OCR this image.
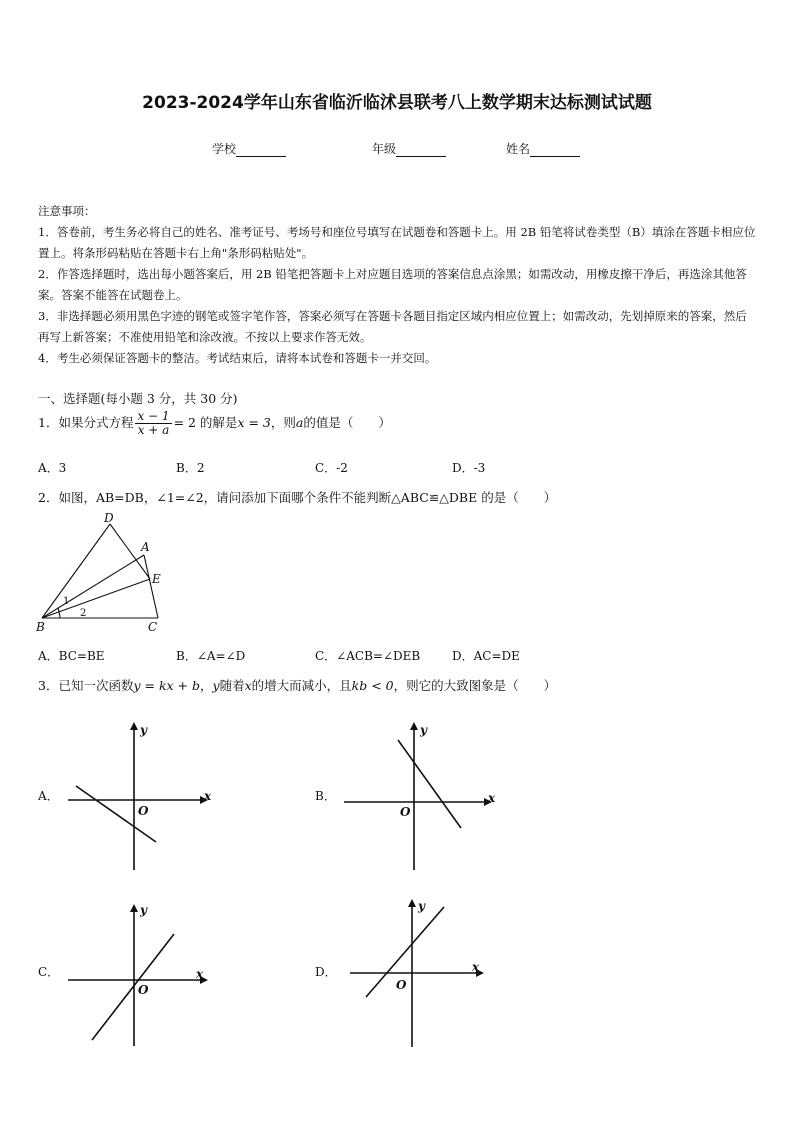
2023-2024学年山东省临沂临沭县联考八上数学期末达标测试试题
学校	年级	姓名

注意事项：

1．答卷前，考生务必将自己的姓名、准考证号、考场号和座位号填写在试题卷和答题卡上。用 2B 铅笔将试卷类型（B）填涂在答题卡相应位置上。将条形码粘贴在答题卡右上角"条形码粘贴处"。

2．作答选择题时，选出每小题答案后，用 2B 铅笔把答题卡上对应题目选项的答案信息点涂黑；如需改动，用橡皮擦干净后，再选涂其他答案。答案不能答在试题卷上。

3．非选择题必须用黑色字迹的钢笔或签字笔作答，答案必须写在答题卡各题目指定区域内相应位置上；如需改动，先划掉原来的答案，然后再写上新答案；不准使用铅笔和涂改液。不按以上要求作答无效。

4．考生必须保证答题卡的整洁。考试结束后，请将本试卷和答题卡一并交回。

一、选择题(每小题 3 分，共 30 分)
1．如果分式方程 $\frac{x - 1}{x + a} = 2$ 的解是x = 3，则a的值是（　　）
A．3	B．2	C．-2	D．-3
2．如图，AB=DB，∠1=∠2，请问添加下面哪个条件不能判断△ABC≌△DBE 的是（　　）
D
A
E
B	C
1
2
A．BC=BE	B．∠A=∠D	C．∠ACB=∠DEB	D．AC=DE
3．已知一次函数y = kx + b，y随着x的增大而减小，且kb < 0，则它的大致图象是（　　）
A．
y
x
O
B．
y
x
O
C．
y
x
O
D．
y
x
O
